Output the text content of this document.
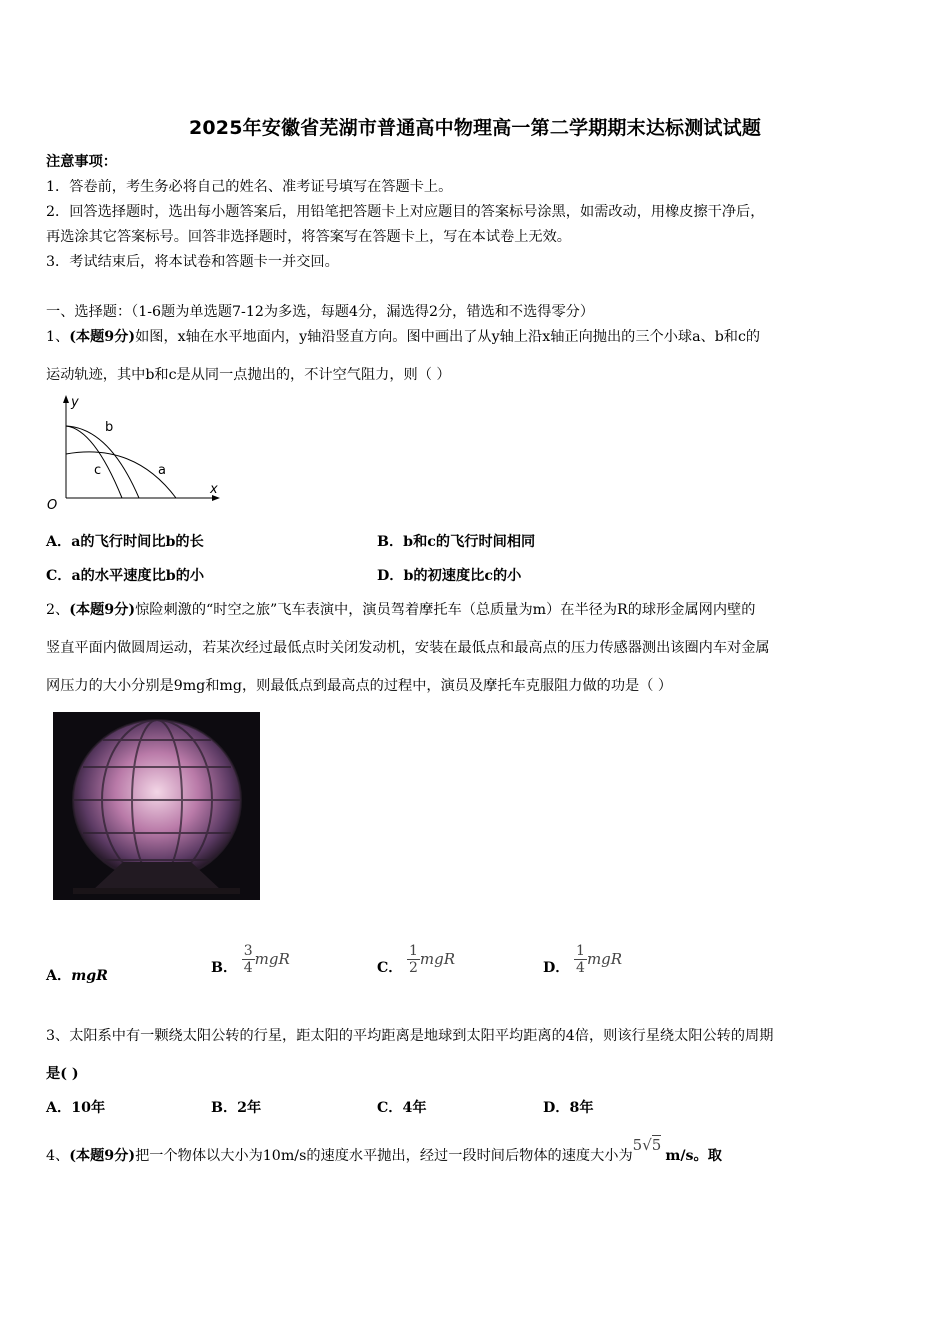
2025年安徽省芜湖市普通高中物理高一第二学期期末达标测试试题
注意事项：
1．答卷前，考生务必将自己的姓名、准考证号填写在答题卡上。
2．回答选择题时，选出每小题答案后，用铅笔把答题卡上对应题目的答案标号涂黑，如需改动，用橡皮擦干净后，
再选涂其它答案标号。回答非选择题时，将答案写在答题卡上，写在本试卷上无效。
3．考试结束后，将本试卷和答题卡一并交回。
一、选择题：（1-6题为单选题7-12为多选，每题4分，漏选得2分，错选和不选得零分）
1、(本题9分)如图，x轴在水平地面内，y轴沿竖直方向。图中画出了从y轴上沿x轴正向抛出的三个小球a、b和c的
运动轨迹，其中b和c是从同一点抛出的，不计空气阻力，则（ ）
y
x
O
b
c	a
A．a的飞行时间比b的长	B．b和c的飞行时间相同
C．a的水平速度比b的小	D．b的初速度比c的小
2、(本题9分)惊险刺激的“时空之旅”飞车表演中，演员驾着摩托车（总质量为m）在半径为R的球形金属网内壁的
竖直平面内做圆周运动，若某次经过最低点时关闭发动机，安装在最低点和最高点的压力传感器测出该圈内车对金属
网压力的大小分别是9mg和mg，则最低点到最高点的过程中，演员及摩托车克服阻力做的功是（ ）
A．mgR	B． $\frac{3}{4}$ mgR	C． $\frac{1}{2}$ mgR	D． $\frac{1}{4}$ mgR
3、太阳系中有一颗绕太阳公转的行星，距太阳的平均距离是地球到太阳平均距离的4倍，则该行星绕太阳公转的周期
是( )
A．10年	B．2年	C．4年	D．8年
4、(本题9分)把一个物体以大小为10m/s的速度水平抛出，经过一段时间后物体的速度大小为5√5m/s。取
